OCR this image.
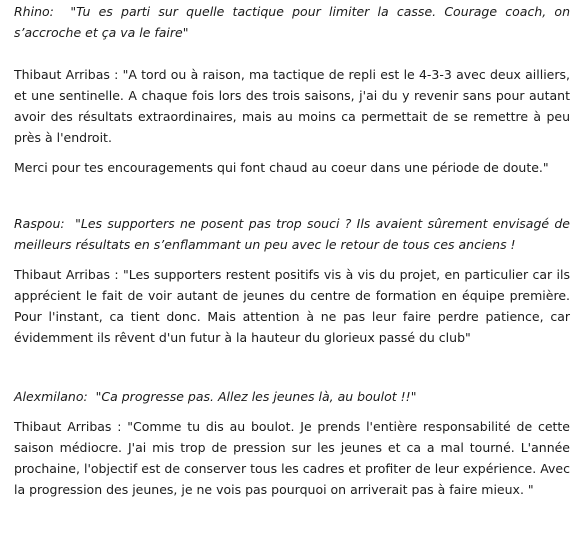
Rhino: "Tu es parti sur quelle tactique pour limiter la casse. Courage coach, on s’accroche et ça va le faire"

Thibaut Arribas : "A tord ou à raison, ma tactique de repli est le 4-3-3 avec deux ailliers, et une sentinelle. A chaque fois lors des trois saisons, j'ai du y revenir sans pour autant avoir des résultats extraordinaires, mais au moins ca permettait de se remettre à peu près à l'endroit.

Merci pour tes encouragements qui font chaud au coeur dans une période de doute."

Raspou: "Les supporters ne posent pas trop souci ? Ils avaient sûrement envisagé de meilleurs résultats en s’enflammant un peu avec le retour de tous ces anciens !

Thibaut Arribas : "Les supporters restent positifs vis à vis du projet, en particulier car ils apprécient le fait de voir autant de jeunes du centre de formation en équipe première. Pour l'instant, ca tient donc. Mais attention à ne pas leur faire perdre patience, car évidemment ils rêvent d'un futur à la hauteur du glorieux passé du club"

Alexmilano: "Ca progresse pas. Allez les jeunes là, au boulot !!"

Thibaut Arribas : "Comme tu dis au boulot. Je prends l'entière responsabilité de cette saison médiocre. J'ai mis trop de pression sur les jeunes et ca a mal tourné. L'année prochaine, l'objectif est de conserver tous les cadres et profiter de leur expérience. Avec la progression des jeunes, je ne vois pas pourquoi on arriverait pas à faire mieux. "
